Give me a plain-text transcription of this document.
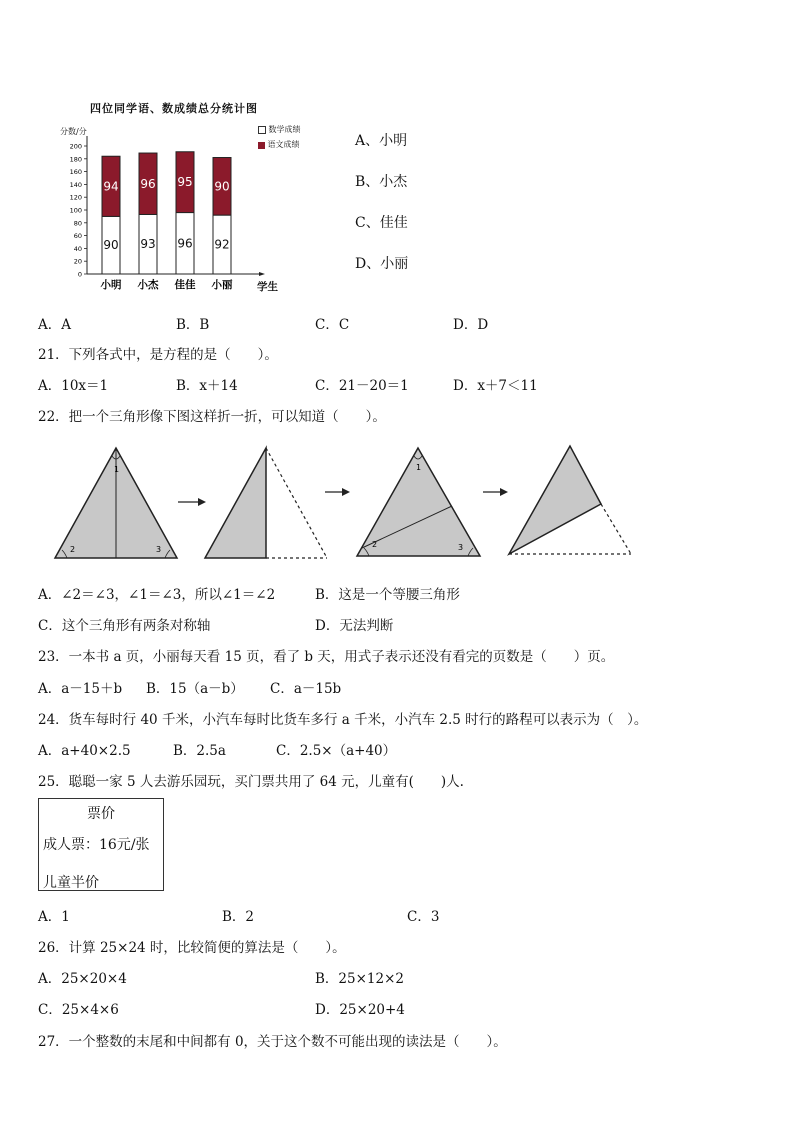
四位同学语、数成绩总分统计图
分数/分
0
20
40
60
80
100
120
140
160
180
200
90
94
小明
93
96
小杰
96
95
佳佳
92
90
小丽
数学成绩
语文成绩
学生
A、小明
B、小杰
C、佳佳
D、小丽
A．A	B．B	C．C	D．D
21．下列各式中，是方程的是（　　）。
A．10x＝1	B．x＋14	C．21－20＝1	D．x＋7＜11
22．把一个三角形像下图这样折一折，可以知道（　　）。
1
2	3
1
2	3
A．∠2＝∠3，∠1＝∠3，所以∠1＝∠2	B．这是一个等腰三角形
C．这个三角形有两条对称轴	D．无法判断
23．一本书 a 页，小丽每天看 15 页，看了 b 天，用式子表示还没有看完的页数是（　　）页。
A．a－15＋b B．15（a－b） C．a－15b
24．货车每时行 40 千米，小汽车每时比货车多行 a 千米，小汽车 2.5 时行的路程可以表示为（　）。
A．a+40×2.5	B．2.5a	C．2.5×（a+40）
25．聪聪一家 5 人去游乐园玩，买门票共用了 64 元，儿童有(　　)人.
票价
成人票：16元/张
儿童半价
A．1	B．2	C．3
26．计算 25×24 时，比较简便的算法是（　　）。
A．25×20×4	B．25×12×2
C．25×4×6	D．25×20+4
27．一个整数的末尾和中间都有 0，关于这个数不可能出现的读法是（　　）。
